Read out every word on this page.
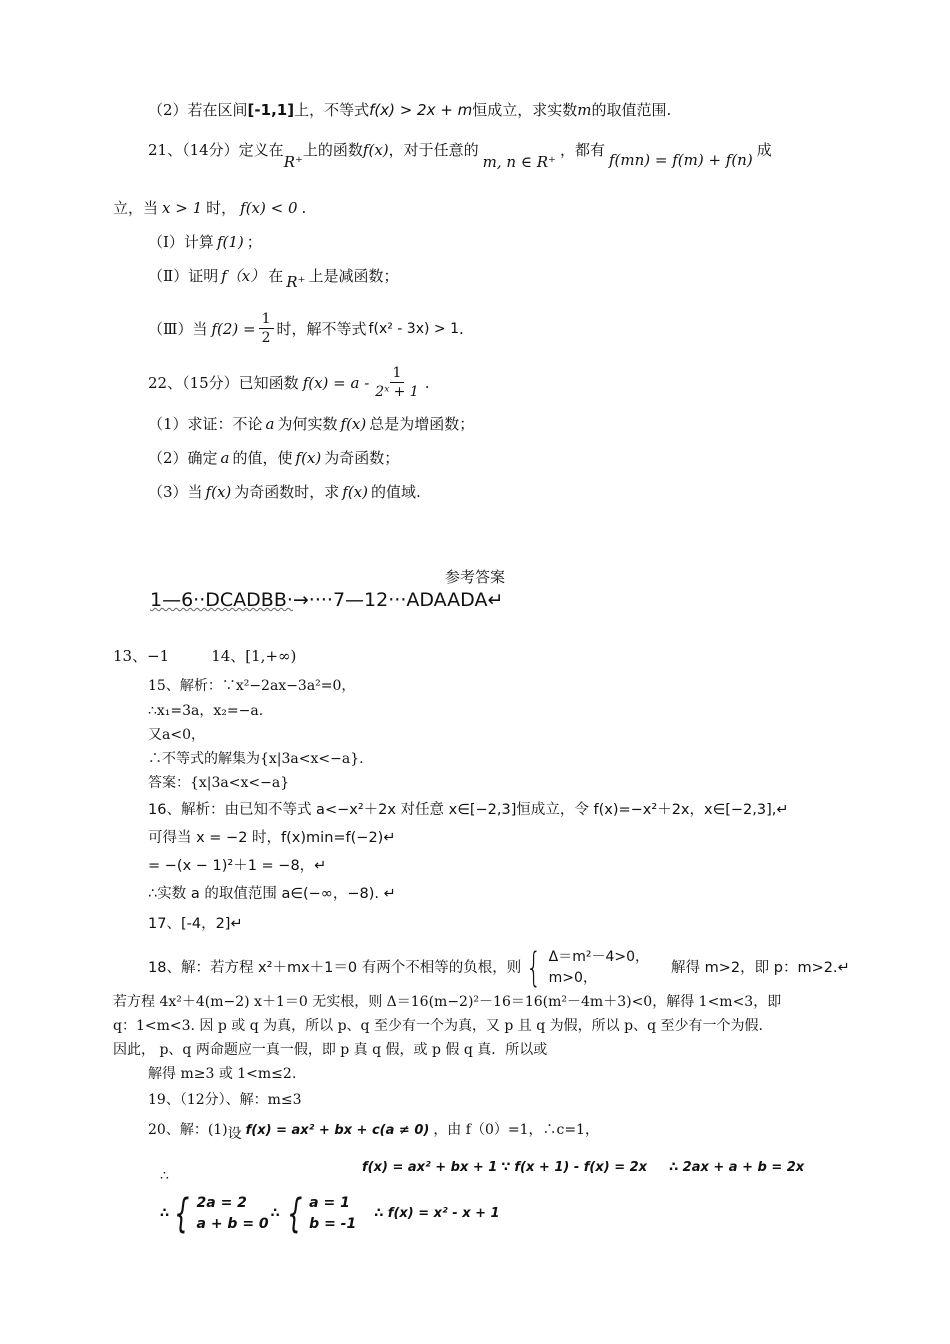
（2）若在区间[-1,1]上，不等式f(x) > 2x + m恒成立，求实数m的取值范围.
21、（14分）定义在R⁺上的函数f(x)，对于任意的m, n ∈ R⁺，都有f(mn) = f(m) + f(n)成
立，当 x > 1 时， f(x) < 0 .
（Ⅰ）计算 f(1) ；
（Ⅱ）证明 f（x） 在 R⁺ 上是减函数；
（Ⅲ）当 $f(2) = \frac{1}{2}$ 时，解不等式 f(x² - 3x) > 1 .
22、（15分）已知函数 $f(x) = a - \frac{1}{\text{2ˣ + 1}}$ .
（1）求证：不论 a 为何实数 f(x) 总是为增函数；
（2）确定 a 的值，使 f(x) 为奇函数；
（3）当 f(x) 为奇函数时，求 f(x) 的值域.
参考答案
1—6··DCADBB·→····7—12···ADAADA↵
13、−1	14、[1,+∞)
15、解析：∵x²−2ax−3a²=0，
∴x₁=3a，x₂=−a.
又a<0，
∴不等式的解集为{x|3a<x<−a}.
答案：{x|3a<x<−a}
16、解析：由已知不等式 a<−x²＋2x 对任意 x∈[−2,3]恒成立，令 f(x)=−x²＋2x，x∈[−2,3],↵
可得当 x = −2 时，f(x)min=f(−2)↵
= −(x − 1)²＋1 = −8，↵
∴实数 a 的取值范围 a∈(−∞，−8). ↵
17、[-4，2]↵
18、解：若方程 x²＋mx＋1＝0 有两个不相等的负根，则 { Δ＝m²－4>0，
m>0，
解得 m>2，即 p：m>2.↵
若方程 4x²＋4(m−2) x＋1＝0 无实根，则 Δ＝16(m−2)²－16＝16(m²－4m＋3)<0，解得 1<m<3，即
q：1<m<3. 因 p 或 q 为真，所以 p、q 至少有一个为真，又 p 且 q 为假，所以 p、q 至少有一个为假.
因此， p、q 两命题应一真一假，即 p 真 q 假，或 p 假 q 真．所以或
解得 m≥3 或 1<m≤2.
19、（12分）、解：m≤3
20、解：(1)设 f(x) = ax² + bx + c(a ≠ 0) ，由 f（0）=1，∴c=1，
∴
f(x) = ax² + bx + 1 ∵ f(x + 1) - f(x) = 2x ∴ 2ax + a + b = 2x
∴ { 2a = 2
a + b = 0
∴ { a = 1
b = -1
∴ f(x) = x² - x + 1
